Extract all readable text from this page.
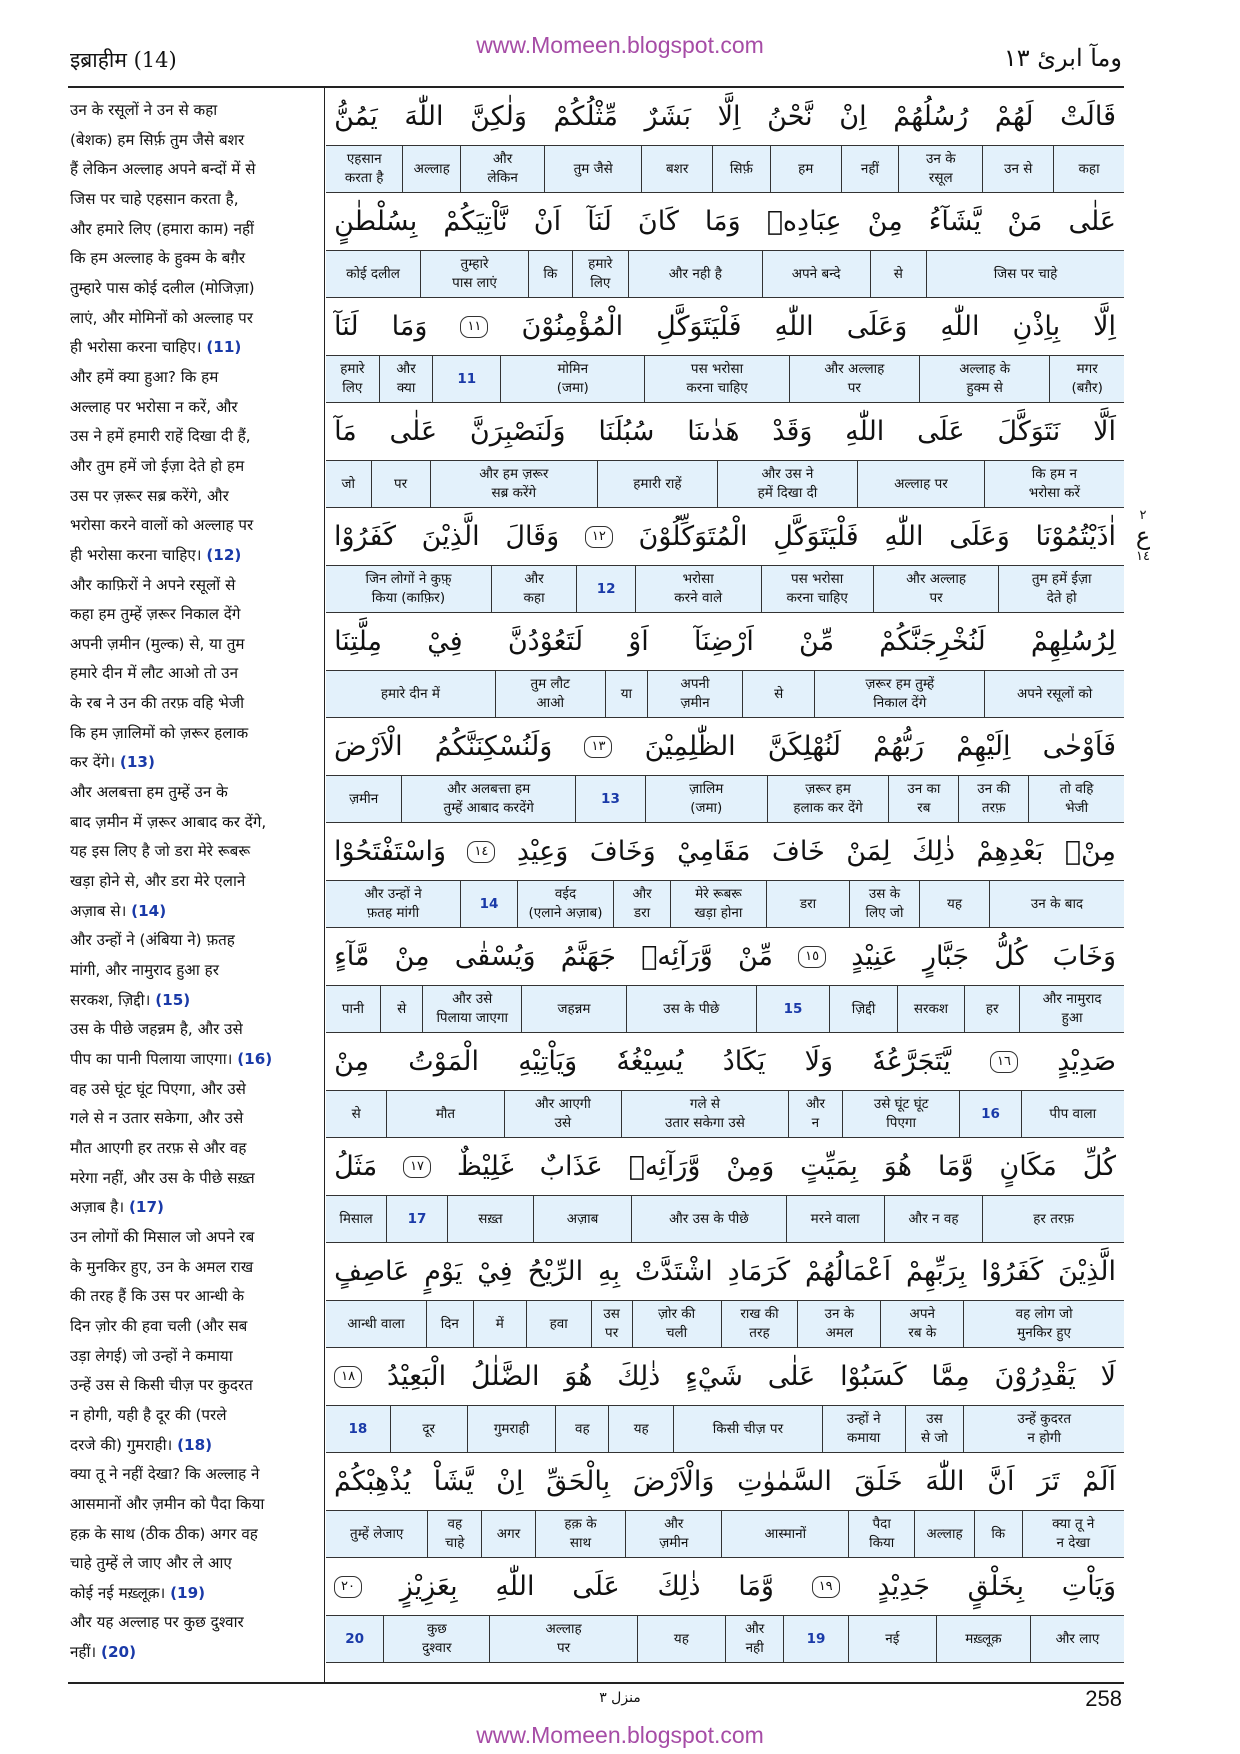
www.Momeen.blogspot.com
इब्राहीम (14)	ومآ ابرئ ١٣
उन के रसूलों ने उन से कहा
(बेशक) हम सिर्फ़ तुम जैसे बशर
हैं लेकिन अल्लाह अपने बन्दों में से
जिस पर चाहे एहसान करता है,
और हमारे लिए (हमारा काम) नहीं
कि हम अल्लाह के हुक्म के बग़ैर
तुम्हारे पास कोई दलील (मोजिज़ा)
लाएं, और मोमिनों को अल्लाह पर
ही भरोसा करना चाहिए। (11)
और हमें क्या हुआ? कि हम
अल्लाह पर भरोसा न करें, और
उस ने हमें हमारी राहें दिखा दी हैं,
और तुम हमें जो ईज़ा देते हो हम
उस पर ज़रूर सब्र करेंगे, और
भरोसा करने वालों को अल्लाह पर
ही भरोसा करना चाहिए। (12)
और काफ़िरों ने अपने रसूलों से
कहा हम तुम्हें ज़रूर निकाल देंगे
अपनी ज़मीन (मुल्क) से, या तुम
हमारे दीन में लौट आओ तो उन
के रब ने उन की तरफ़ वहि भेजी
कि हम ज़ालिमों को ज़रूर हलाक
कर देंगे। (13)
और अलबत्ता हम तुम्हें उन के
बाद ज़मीन में ज़रूर आबाद कर देंगे,
यह इस लिए है जो डरा मेरे रूबरू
खड़ा होने से, और डरा मेरे एलाने
अज़ाब से। (14)
और उन्हों ने (अंबिया ने) फ़तह
मांगी, और नामुराद हुआ हर
सरकश, ज़िद्दी। (15)
उस के पीछे जहन्नम है, और उसे
पीप का पानी पिलाया जाएगा। (16)
वह उसे घूंट घूंट पिएगा, और उसे
गले से न उतार सकेगा, और उसे
मौत आएगी हर तरफ़ से और वह
मरेगा नहीं, और उस के पीछे सख़्त
अज़ाब है। (17)
उन लोगों की मिसाल जो अपने रब
के मुनकिर हुए, उन के अमल राख
की तरह हैं कि उस पर आन्धी के
दिन ज़ोर की हवा चली (और सब
उड़ा लेगई) जो उन्हों ने कमाया
उन्हें उस से किसी चीज़ पर कुदरत
न होगी, यही है दूर की (परले
दरजे की) गुमराही। (18)
क्या तू ने नहीं देखा? कि अल्लाह ने
आसमानों और ज़मीन को पैदा किया
हक़ के साथ (ठीक ठीक) अगर वह
चाहे तुम्हें ले जाए और ले आए
कोई नई मख़्लूक़। (19)
और यह अल्लाह पर कुछ दुश्वार
नहीं। (20)
قَالَتْ
لَهُمْ
رُسُلُهُمْ
اِنْ
نَّحْنُ
اِلَّا
بَشَرٌ
مِّثْلُكُمْ
وَلٰكِنَّ
اللّٰهَ
يَمُنُّ
कहा
उन से
उन के
रसूल
नहीं
हम
सिर्फ़
बशर
तुम जैसे
और
लेकिन
अल्लाह
एहसान
करता है
عَلٰى
مَنْ
يَّشَآءُ
مِنْ
عِبَادِهٖ
وَمَا
كَانَ
لَنَآ
اَنْ
نَّاْتِيَكُمْ
بِسُلْطٰنٍ
जिस पर चाहे
से
अपने बन्दे
और नही है
हमारे
लिए
कि
तुम्हारे
पास लाएं
कोई दलील
اِلَّا
بِاِذْنِ
اللّٰهِ
وَعَلَى
اللّٰهِ
فَلْيَتَوَكَّلِ
الْمُؤْمِنُوْنَ
١١
وَمَا
لَنَآ
मगर
(बग़ैर)
अल्लाह के
हुक्म से
और अल्लाह
पर
पस भरोसा
करना चाहिए
मोमिन
(जमा)
11
और
क्या
हमारे
लिए
اَلَّا
نَتَوَكَّلَ
عَلَى
اللّٰهِ
وَقَدْ
هَدٰىنَا
سُبُلَنَا
وَلَنَصْبِرَنَّ
عَلٰى
مَآ
कि हम न
भरोसा करें
अल्लाह पर
और उस ने
हमें दिखा दी
हमारी राहें
और हम ज़रूर
सब्र करेंगे
पर
जो
اٰذَيْتُمُوْنَا
وَعَلَى
اللّٰهِ
فَلْيَتَوَكَّلِ
الْمُتَوَكِّلُوْنَ
١٢
وَقَالَ
الَّذِيْنَ
كَفَرُوْا
तुम हमें ईज़ा
देते हो
और अल्लाह
पर
पस भरोसा
करना चाहिए
भरोसा
करने वाले
12
और
कहा
जिन लोगों ने कुफ़्
किया (काफ़िर)
لِرُسُلِهِمْ
لَنُخْرِجَنَّكُمْ
مِّنْ
اَرْضِنَآ
اَوْ
لَتَعُوْدُنَّ
فِيْ
مِلَّتِنَا
अपने रसूलों को
ज़रूर हम तुम्हें
निकाल देंगे
से
अपनी
ज़मीन
या
तुम लौट
आओ
हमारे दीन में
فَاَوْحٰى
اِلَيْهِمْ
رَبُّهُمْ
لَنُهْلِكَنَّ
الظّٰلِمِيْنَ
١٣
وَلَنُسْكِنَنَّكُمُ
الْاَرْضَ
तो वहि
भेजी
उन की
तरफ़
उन का
रब
ज़रूर हम
हलाक कर देंगे
ज़ालिम
(जमा)
13
और अलबत्ता हम
तुम्हें आबाद करदेंगे
ज़मीन
مِنْۢ
بَعْدِهِمْ
ذٰلِكَ
لِمَنْ
خَافَ
مَقَامِيْ
وَخَافَ
وَعِيْدِ
١٤
وَاسْتَفْتَحُوْا
उन के बाद
यह
उस के
लिए जो
डरा
मेरे रूबरू
खड़ा होना
और
डरा
वईद
(एलाने अज़ाब)
14
और उन्हों ने
फ़तह मांगी
وَخَابَ
كُلُّ
جَبَّارٍ
عَنِيْدٍ
١٥
مِّنْ
وَّرَآئِهٖ
جَهَنَّمُ
وَيُسْقٰى
مِنْ
مَّآءٍ
और नामुराद
हुआ
हर
सरकश
ज़िद्दी
15
उस के पीछे
जहन्नम
और उसे
पिलाया जाएगा
से
पानी
صَدِيْدٍ
١٦
يَّتَجَرَّعُهٗ
وَلَا
يَكَادُ
يُسِيْغُهٗ
وَيَاْتِيْهِ
الْمَوْتُ
مِنْ
पीप वाला
16
उसे घूंट घूंट
पिएगा
और
न
गले से
उतार सकेगा उसे
और आएगी
उसे
मौत
से
كُلِّ
مَكَانٍ
وَّمَا
هُوَ
بِمَيِّتٍ
وَمِنْ
وَّرَآئِهٖ
عَذَابٌ
غَلِيْظٌ
١٧
مَثَلُ
हर तरफ़
और न वह
मरने वाला
और उस के पीछे
अज़ाब
सख़्त
17
मिसाल
الَّذِيْنَ
كَفَرُوْا
بِرَبِّهِمْ
اَعْمَالُهُمْ
كَرَمَادِ
اشْتَدَّتْ
بِهِ
الرِّيْحُ
فِيْ
يَوْمٍ
عَاصِفٍ
वह लोग जो
मुनकिर हुए
अपने
रब के
उन के
अमल
राख की
तरह
ज़ोर की
चली
उस
पर
हवा
में
दिन
आन्धी वाला
لَا
يَقْدِرُوْنَ
مِمَّا
كَسَبُوْا
عَلٰى
شَيْءٍ
ذٰلِكَ
هُوَ
الضَّلٰلُ
الْبَعِيْدُ
١٨
उन्हें कुदरत
न होगी
उस
से जो
उन्हों ने
कमाया
किसी चीज़ पर
यह
वह
गुमराही
दूर
18
اَلَمْ
تَرَ
اَنَّ
اللّٰهَ
خَلَقَ
السَّمٰوٰتِ
وَالْاَرْضَ
بِالْحَقِّ
اِنْ
يَّشَاْ
يُذْهِبْكُمْ
क्या तू ने
न देखा
कि
अल्लाह
पैदा
किया
आस्मानों
और
ज़मीन
हक़ के
साथ
अगर
वह
चाहे
तुम्हें लेजाए
وَيَاْتِ
بِخَلْقٍ
جَدِيْدٍ
١٩
وَّمَا
ذٰلِكَ
عَلَى
اللّٰهِ
بِعَزِيْزٍ
٢٠
और लाए
मख़्लूक़
नई
19
और
नही
यह
अल्लाह
पर
कुछ
दुश्वार
20
٢
ع
١٤
منزل ٣	258
www.Momeen.blogspot.com
